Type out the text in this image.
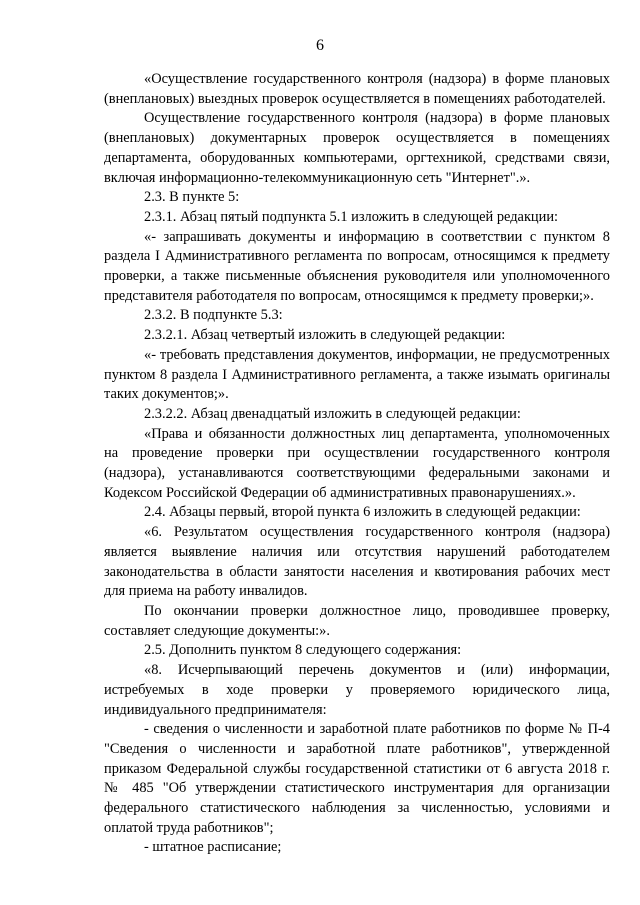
6

«Осуществление государственного контроля (надзора) в форме плановых (внеплановых) выездных проверок осуществляется в помещениях работодателей.

Осуществление государственного контроля (надзора) в форме плановых (внеплановых) документарных проверок осуществляется в помещениях департамента, оборудованных компьютерами, оргтехникой, средствами связи, включая информационно-телекоммуникационную сеть "Интернет".».

2.3. В пункте 5:

2.3.1. Абзац пятый подпункта 5.1 изложить в следующей редакции:

«- запрашивать документы и информацию в соответствии с пунктом 8 раздела I Административного регламента по вопросам, относящимся к предмету проверки, а также письменные объяснения руководителя или уполномоченного представителя работодателя по вопросам, относящимся к предмету проверки;».

2.3.2. В подпункте 5.3:

2.3.2.1. Абзац четвертый изложить в следующей редакции:

«- требовать представления документов, информации, не предусмотренных пунктом 8 раздела I Административного регламента, а также изымать оригиналы таких документов;».

2.3.2.2. Абзац двенадцатый изложить в следующей редакции:

«Права и обязанности должностных лиц департамента, уполномоченных на проведение проверки при осуществлении государственного контроля (надзора), устанавливаются соответствующими федеральными законами и Кодексом Российской Федерации об административных правонарушениях.».

2.4. Абзацы первый, второй пункта 6 изложить в следующей редакции:

«6. Результатом осуществления государственного контроля (надзора) является выявление наличия или отсутствия нарушений работодателем законодательства в области занятости населения и квотирования рабочих мест для приема на работу инвалидов.

По окончании проверки должностное лицо, проводившее проверку, составляет следующие документы:».

2.5. Дополнить пунктом 8 следующего содержания:

«8. Исчерпывающий перечень документов и (или) информации, истребуемых в ходе проверки у проверяемого юридического лица, индивидуального предпринимателя:

- сведения о численности и заработной плате работников по форме № П-4 "Сведения о численности и заработной плате работников", утвержденной приказом Федеральной службы государственной статистики от 6 августа 2018 г. № 485 "Об утверждении статистического инструментария для организации федерального статистического наблюдения за численностью, условиями и оплатой труда работников";

- штатное расписание;
